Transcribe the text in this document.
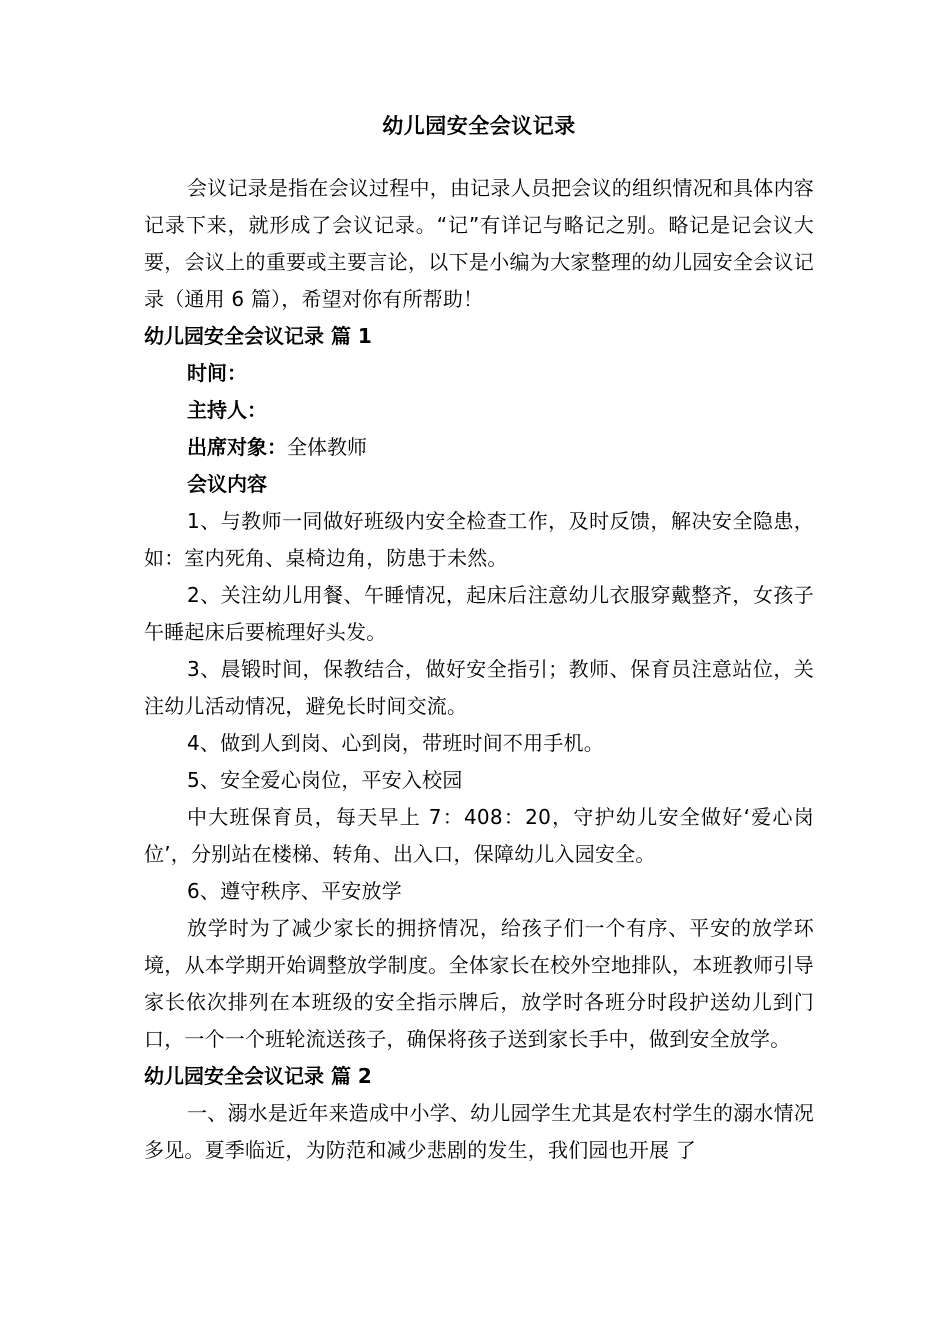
幼儿园安全会议记录

会议记录是指在会议过程中，由记录人员把会议的组织情况和具体内容记录下来，就形成了会议记录。“记”有详记与略记之别。略记是记会议大要，会议上的重要或主要言论，以下是小编为大家整理的幼儿园安全会议记录（通用 6 篇），希望对你有所帮助！

幼儿园安全会议记录 篇 1

时间：

主持人：

出席对象：全体教师

会议内容

1、与教师一同做好班级内安全检查工作，及时反馈，解决安全隐患，如：室内死角、桌椅边角，防患于未然。

2、关注幼儿用餐、午睡情况，起床后注意幼儿衣服穿戴整齐，女孩子午睡起床后要梳理好头发。

3、晨锻时间，保教结合，做好安全指引；教师、保育员注意站位，关注幼儿活动情况，避免长时间交流。

4、做到人到岗、心到岗，带班时间不用手机。

5、安全爱心岗位，平安入校园

中大班保育员，每天早上 7：408：20，守护幼儿安全做好‘爱心岗位’，分别站在楼梯、转角、出入口，保障幼儿入园安全。

6、遵守秩序、平安放学

放学时为了减少家长的拥挤情况，给孩子们一个有序、平安的放学环境，从本学期开始调整放学制度。全体家长在校外空地排队，本班教师引导家长依次排列在本班级的安全指示牌后，放学时各班分时段护送幼儿到门口，一个一个班轮流送孩子，确保将孩子送到家长手中，做到安全放学。

幼儿园安全会议记录 篇 2

一、溺水是近年来造成中小学、幼儿园学生尤其是农村学生的溺水情况多见。夏季临近，为防范和减少悲剧的发生，我们园也开展 了
